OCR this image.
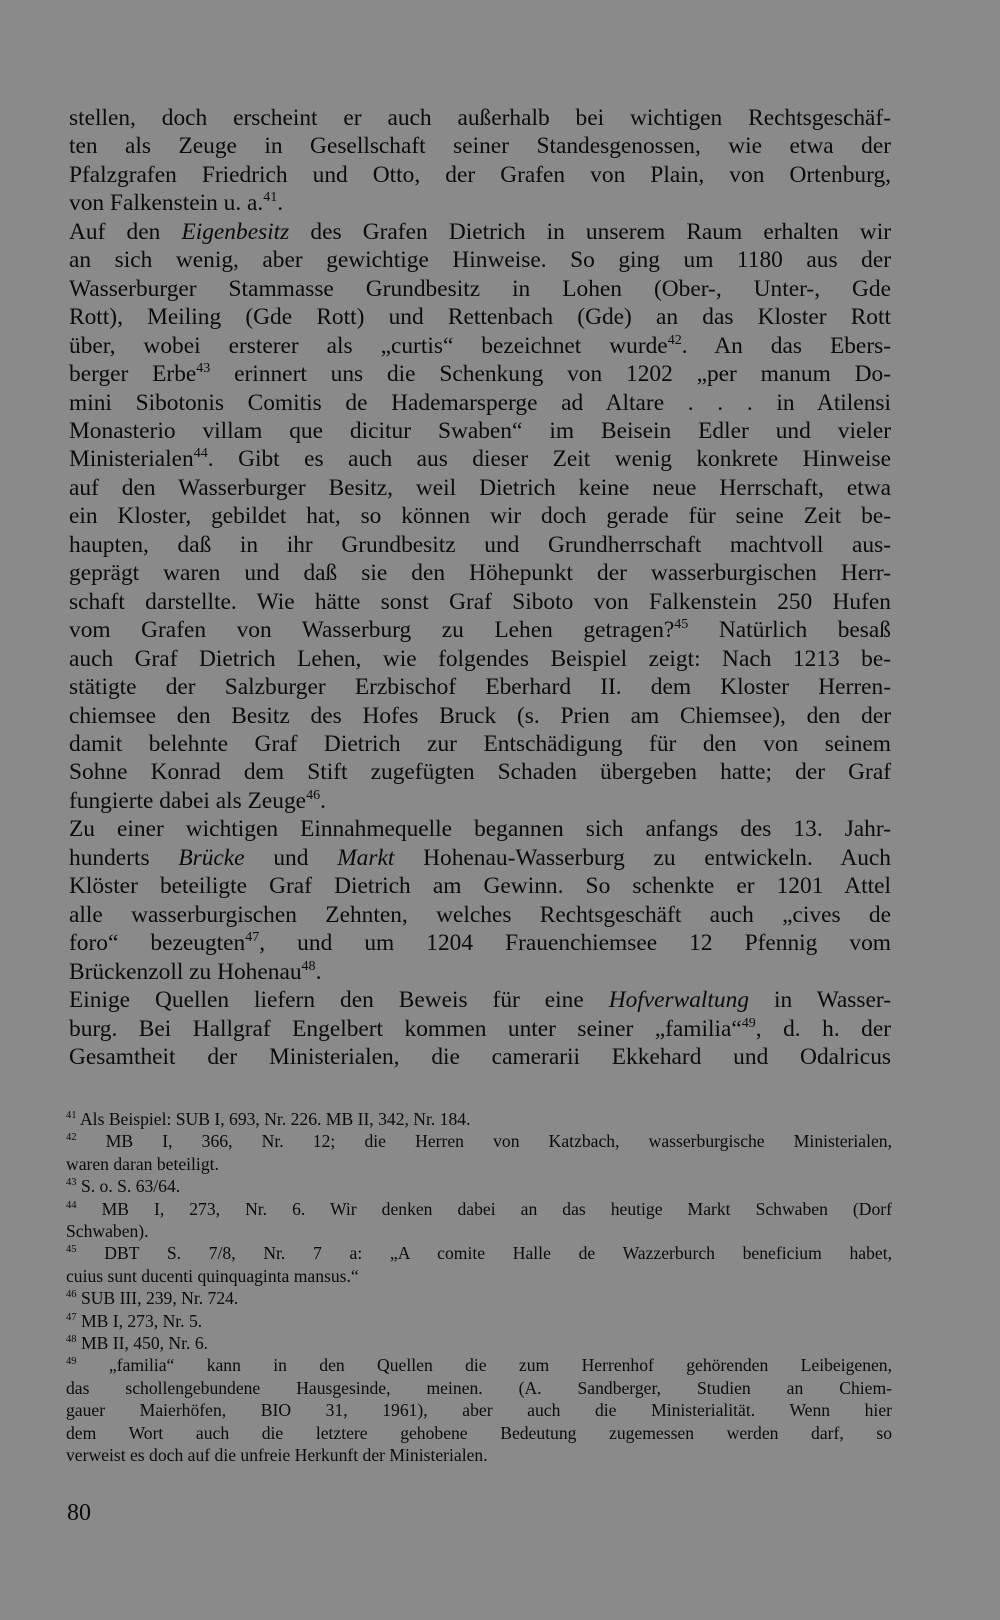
stellen, doch erscheint er auch außerhalb bei wichtigen Rechtsgeschäf-
ten als Zeuge in Gesellschaft seiner Standesgenossen, wie etwa der
Pfalzgrafen Friedrich und Otto, der Grafen von Plain, von Ortenburg,
von Falkenstein u. a.$^{41}$.
Auf den Eigenbesitz des Grafen Dietrich in unserem Raum erhalten wir
an sich wenig, aber gewichtige Hinweise. So ging um 1180 aus der
Wasserburger Stammasse Grundbesitz in Lohen (Ober-, Unter-, Gde
Rott), Meiling (Gde Rott) und Rettenbach (Gde) an das Kloster Rott
über, wobei ersterer als „curtis“ bezeichnet wurde$^{42}$. An das Ebers-
berger Erbe$^{43}$ erinnert uns die Schenkung von 1202 „per manum Do-
mini Sibotonis Comitis de Hademarsperge ad Altare . . . in Atilensi
Monasterio villam que dicitur Swaben“ im Beisein Edler und vieler
Ministerialen$^{44}$. Gibt es auch aus dieser Zeit wenig konkrete Hinweise
auf den Wasserburger Besitz, weil Dietrich keine neue Herrschaft, etwa
ein Kloster, gebildet hat, so können wir doch gerade für seine Zeit be-
haupten, daß in ihr Grundbesitz und Grundherrschaft machtvoll aus-
geprägt waren und daß sie den Höhepunkt der wasserburgischen Herr-
schaft darstellte. Wie hätte sonst Graf Siboto von Falkenstein 250 Hufen
vom Grafen von Wasserburg zu Lehen getragen?$^{45}$ Natürlich besaß
auch Graf Dietrich Lehen, wie folgendes Beispiel zeigt: Nach 1213 be-
stätigte der Salzburger Erzbischof Eberhard II. dem Kloster Herren-
chiemsee den Besitz des Hofes Bruck (s. Prien am Chiemsee), den der
damit belehnte Graf Dietrich zur Entschädigung für den von seinem
Sohne Konrad dem Stift zugefügten Schaden übergeben hatte; der Graf
fungierte dabei als Zeuge$^{46}$.
Zu einer wichtigen Einnahmequelle begannen sich anfangs des 13. Jahr-
hunderts Brücke und Markt Hohenau-Wasserburg zu entwickeln. Auch
Klöster beteiligte Graf Dietrich am Gewinn. So schenkte er 1201 Attel
alle wasserburgischen Zehnten, welches Rechtsgeschäft auch „cives de
foro“ bezeugten$^{47}$, und um 1204 Frauenchiemsee 12 Pfennig vom
Brückenzoll zu Hohenau$^{48}$.
Einige Quellen liefern den Beweis für eine Hofverwaltung in Wasser-
burg. Bei Hallgraf Engelbert kommen unter seiner „familia“$^{49}$, d. h. der
Gesamtheit der Ministerialen, die camerarii Ekkehard und Odalricus
$^{41}$ Als Beispiel: SUB I, 693, Nr. 226. MB II, 342, Nr. 184.
$^{42}$ MB I, 366, Nr. 12; die Herren von Katzbach, wasserburgische Ministerialen,
waren daran beteiligt.
$^{43}$ S. o. S. 63/64.
$^{44}$ MB I, 273, Nr. 6. Wir denken dabei an das heutige Markt Schwaben (Dorf
Schwaben).
$^{45}$ DBT S. 7/8, Nr. 7 a: „A comite Halle de Wazzerburch beneficium habet,
cuius sunt ducenti quinquaginta mansus.“
$^{46}$ SUB III, 239, Nr. 724.
$^{47}$ MB I, 273, Nr. 5.
$^{48}$ MB II, 450, Nr. 6.
$^{49}$ „familia“ kann in den Quellen die zum Herrenhof gehörenden Leibeigenen,
das schollengebundene Hausgesinde, meinen. (A. Sandberger, Studien an Chiem-
gauer Maierhöfen, BIO 31, 1961), aber auch die Ministerialität. Wenn hier
dem Wort auch die letztere gehobene Bedeutung zugemessen werden darf, so
verweist es doch auf die unfreie Herkunft der Ministerialen.
80
